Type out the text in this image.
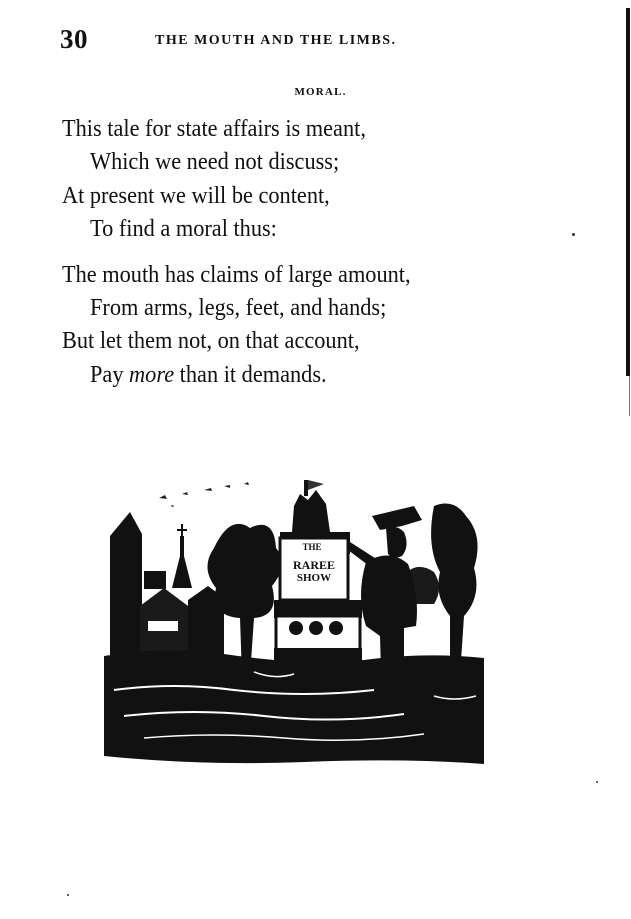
30	THE MOUTH AND THE LIMBS.
MORAL.
This tale for state affairs is meant,
Which we need not discuss;
At present we will be content,
To find a moral thus:
The mouth has claims of large amount,
From arms, legs, feet, and hands;
But let them not, on that account,
Pay more than it demands.
THE
RAREE
SHOW
